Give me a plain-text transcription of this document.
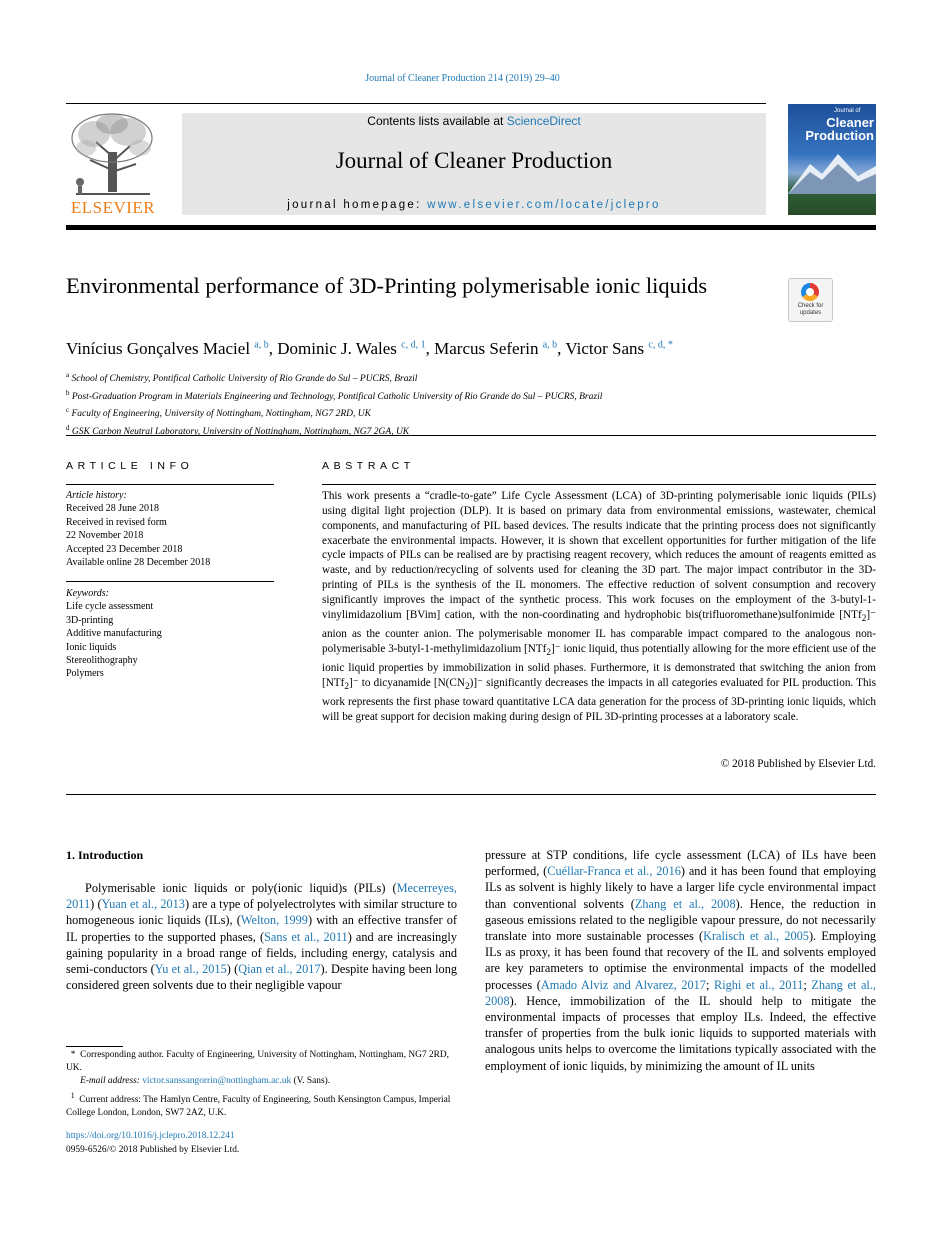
Journal of Cleaner Production 214 (2019) 29–40
ELSEVIER
Contents lists available at ScienceDirect
Journal of Cleaner Production
journal homepage: www.elsevier.com/locate/jclepro
Journal of
Cleaner
Production
Environmental performance of 3D-Printing polymerisable ionic liquids
Check for
updates
Vinícius Gonçalves Maciel $^{a, b}$, Dominic J. Wales $^{c, d, 1}$, Marcus Seferin $^{a, b}$, Victor Sans $^{c, d, *}$
$^a$ School of Chemistry, Pontifical Catholic University of Rio Grande do Sul – PUCRS, Brazil
$^b$ Post-Graduation Program in Materials Engineering and Technology, Pontifical Catholic University of Rio Grande do Sul – PUCRS, Brazil
$^c$ Faculty of Engineering, University of Nottingham, Nottingham, NG7 2RD, UK
$^d$ GSK Carbon Neutral Laboratory, University of Nottingham, Nottingham, NG7 2GA, UK
ARTICLE INFO	ABSTRACT
Article history:
Received 28 June 2018
Received in revised form
22 November 2018
Accepted 23 December 2018
Available online 28 December 2018
Keywords:
Life cycle assessment
3D-printing
Additive manufacturing
Ionic liquids
Stereolithography
Polymers
This work presents a “cradle-to-gate” Life Cycle Assessment (LCA) of 3D-printing polymerisable ionic liquids (PILs) using digital light projection (DLP). It is based on primary data from environmental emissions, wastewater, chemical components, and manufacturing of PIL based devices. The results indicate that the printing process does not significantly exacerbate the environmental impacts. However, it is shown that excellent opportunities for further mitigation of the life cycle impacts of PILs can be realised are by practising reagent recovery, which reduces the amount of reagents emitted as waste, and by reduction/recycling of solvents used for cleaning the 3D part. The major impact contributor in the 3D-printing of PILs is the synthesis of the IL monomers. The effective reduction of solvent consumption and recovery significantly improves the impact of the synthetic process. This work focuses on the employment of the 3-butyl-1-vinylimidazolium [BVim] cation, with the non-coordinating and hydrophobic bis(trifluoromethane)sulfonimide [NTf$_2$]⁻ anion as the counter anion. The polymerisable monomer IL has comparable impact compared to the analogous non-polymerisable 3-butyl-1-methylimidazolium [NTf$_2$]⁻ ionic liquid, thus potentially allowing for the more efficient use of the ionic liquid properties by immobilization in solid phases. Furthermore, it is demonstrated that switching the anion from [NTf$_2$]⁻ to dicyanamide $[N(CN_2)]^-$ significantly decreases the impacts in all categories evaluated for PIL production. This work represents the first phase toward quantitative LCA data generation for the process of 3D-printing ionic liquids, which will be great support for decision making during design of PIL 3D-printing processes at a laboratory scale.
© 2018 Published by Elsevier Ltd.
1. Introduction
Polymerisable ionic liquids or poly(ionic liquid)s (PILs) (Mecerreyes, 2011) (Yuan et al., 2013) are a type of polyelectrolytes with similar structure to homogeneous ionic liquids (ILs), (Welton, 1999) with an effective transfer of IL properties to the supported phases, (Sans et al., 2011) and are increasingly gaining popularity in a broad range of fields, including energy, catalysis and semi-conductors (Yu et al., 2015) (Qian et al., 2017). Despite having been long considered green solvents due to their negligible vapour
pressure at STP conditions, life cycle assessment (LCA) of ILs have been performed, (Cuéllar-Franca et al., 2016) and it has been found that employing ILs as solvent is highly likely to have a larger life cycle environmental impact than conventional solvents (Zhang et al., 2008). Hence, the reduction in gaseous emissions related to the negligible vapour pressure, do not necessarily translate into more sustainable processes (Kralisch et al., 2005). Employing ILs as proxy, it has been found that recovery of the IL and solvents employed are key parameters to optimise the environmental impacts of the modelled processes (Amado Alviz and Alvarez, 2017; Righi et al., 2011; Zhang et al., 2008). Hence, immobilization of the IL should help to mitigate the environmental impacts of processes that employ ILs. Indeed, the effective transfer of properties from the bulk ionic liquids to supported materials with analogous units helps to overcome the limitations typically associated with the employment of ionic liquids, by minimizing the amount of IL units

* Corresponding author. Faculty of Engineering, University of Nottingham, Nottingham, NG7 2RD, UK.

E-mail address: victor.sanssangorrin@nottingham.ac.uk (V. Sans).

$^1$ Current address: The Hamlyn Centre, Faculty of Engineering, South Kensington Campus, Imperial College London, London, SW7 2AZ, U.K.

https://doi.org/10.1016/j.jclepro.2018.12.241
0959-6526/© 2018 Published by Elsevier Ltd.
